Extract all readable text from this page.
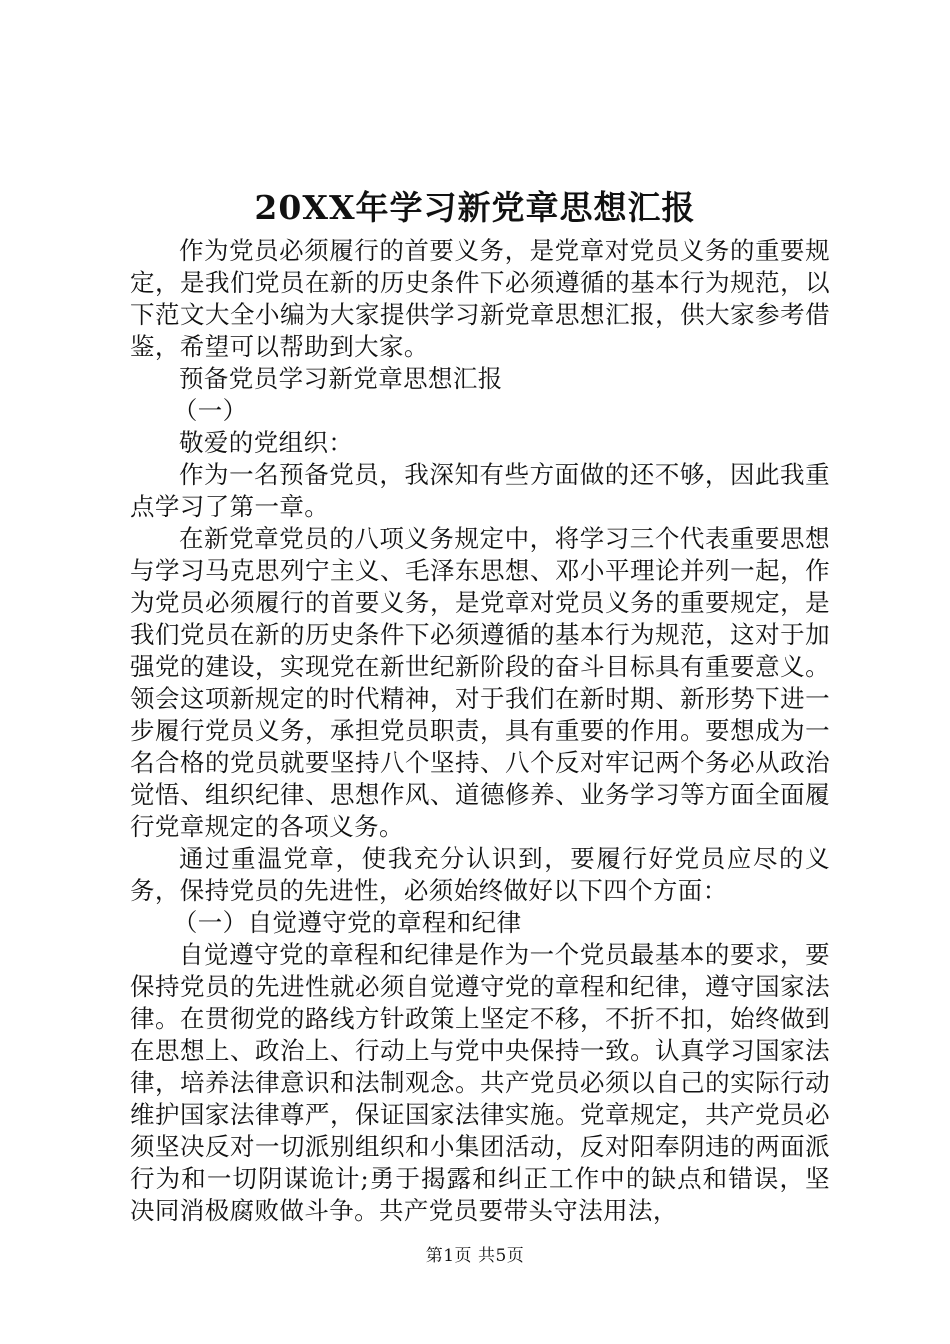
20XX年学习新党章思想汇报

作为党员必须履行的首要义务，是党章对党员义务的重要规定，是我们党员在新的历史条件下必须遵循的基本行为规范，以下范文大全小编为大家提供学习新党章思想汇报，供大家参考借鉴，希望可以帮助到大家。

预备党员学习新党章思想汇报

（一）

敬爱的党组织：

作为一名预备党员，我深知有些方面做的还不够，因此我重点学习了第一章。

在新党章党员的八项义务规定中，将学习三个代表重要思想与学习马克思列宁主义、毛泽东思想、邓小平理论并列一起，作为党员必须履行的首要义务，是党章对党员义务的重要规定，是我们党员在新的历史条件下必须遵循的基本行为规范，这对于加强党的建设，实现党在新世纪新阶段的奋斗目标具有重要意义。领会这项新规定的时代精神，对于我们在新时期、新形势下进一步履行党员义务，承担党员职责，具有重要的作用。要想成为一名合格的党员就要坚持八个坚持、八个反对牢记两个务必从政治觉悟、组织纪律、思想作风、道德修养、业务学习等方面全面履行党章规定的各项义务。

通过重温党章，使我充分认识到，要履行好党员应尽的义务，保持党员的先进性，必须始终做好以下四个方面：

（一）自觉遵守党的章程和纪律

自觉遵守党的章程和纪律是作为一个党员最基本的要求，要保持党员的先进性就必须自觉遵守党的章程和纪律，遵守国家法律。在贯彻党的路线方针政策上坚定不移，不折不扣，始终做到在思想上、政治上、行动上与党中央保持一致。认真学习国家法律，培养法律意识和法制观念。共产党员必须以自己的实际行动维护国家法律尊严，保证国家法律实施。党章规定，共产党员必须坚决反对一切派别组织和小集团活动，反对阳奉阴违的两面派行为和一切阴谋诡计;勇于揭露和纠正工作中的缺点和错误，坚决同消极腐败做斗争。共产党员要带头守法用法，

第1页 共5页
